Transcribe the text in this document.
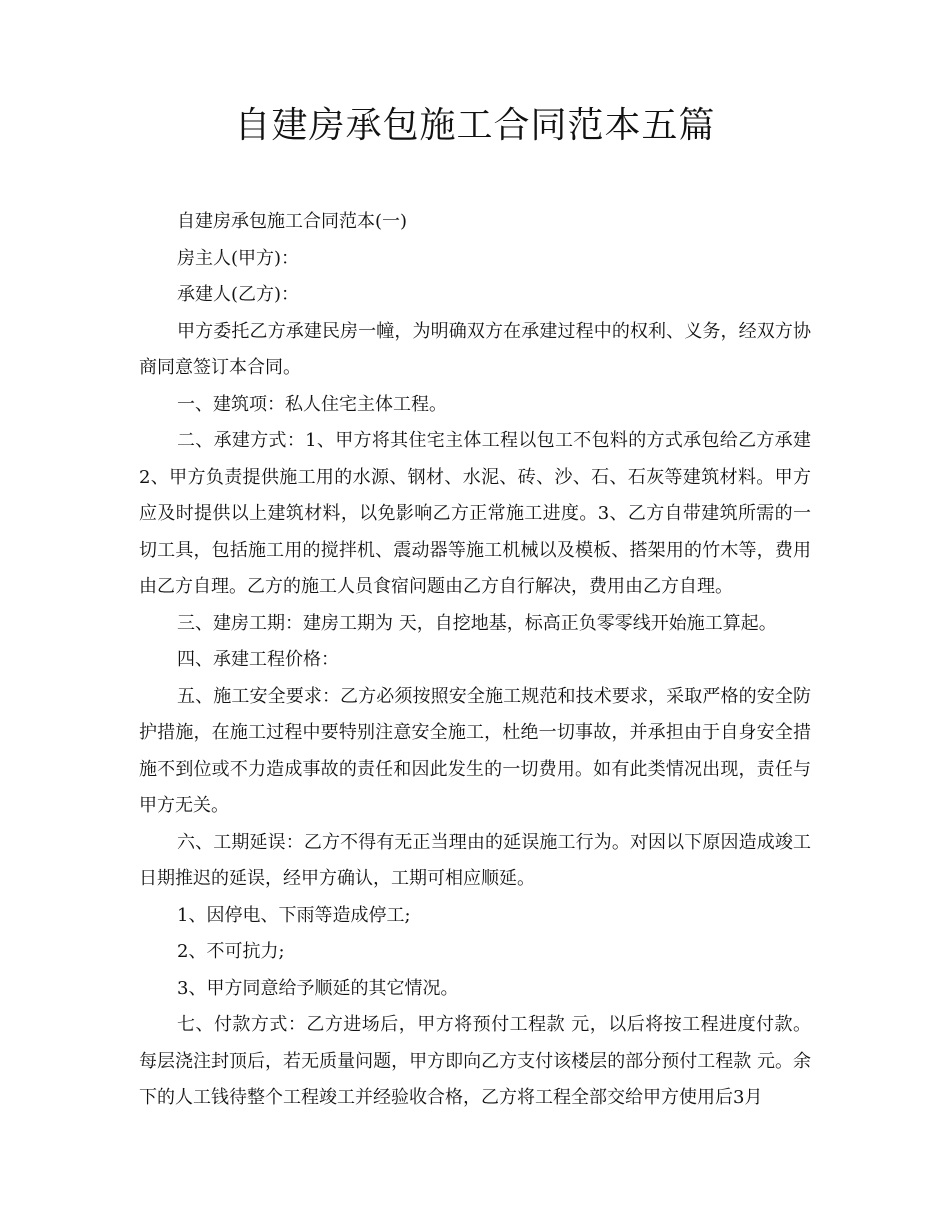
自建房承包施工合同范本五篇

自建房承包施工合同范本(一)

房主人(甲方)：

承建人(乙方)：

甲方委托乙方承建民房一幢，为明确双方在承建过程中的权利、义务，经双方协商同意签订本合同。

一、建筑项：私人住宅主体工程。

二、承建方式：1、甲方将其住宅主体工程以包工不包料的方式承包给乙方承建2、甲方负责提供施工用的水源、钢材、水泥、砖、沙、石、石灰等建筑材料。甲方应及时提供以上建筑材料，以免影响乙方正常施工进度。3、乙方自带建筑所需的一切工具，包括施工用的搅拌机、震动器等施工机械以及模板、搭架用的竹木等，费用由乙方自理。乙方的施工人员食宿问题由乙方自行解决，费用由乙方自理。

三、建房工期：建房工期为 天，自挖地基，标高正负零零线开始施工算起。

四、承建工程价格：

五、施工安全要求：乙方必须按照安全施工规范和技术要求，采取严格的安全防护措施，在施工过程中要特别注意安全施工，杜绝一切事故，并承担由于自身安全措施不到位或不力造成事故的责任和因此发生的一切费用。如有此类情况出现，责任与甲方无关。

六、工期延误：乙方不得有无正当理由的延误施工行为。对因以下原因造成竣工日期推迟的延误，经甲方确认，工期可相应顺延。

1、因停电、下雨等造成停工;

2、不可抗力;

3、甲方同意给予顺延的其它情况。

七、付款方式：乙方进场后，甲方将预付工程款 元，以后将按工程进度付款。每层浇注封顶后，若无质量问题，甲方即向乙方支付该楼层的部分预付工程款 元。余下的人工钱待整个工程竣工并经验收合格，乙方将工程全部交给甲方使用后3月
